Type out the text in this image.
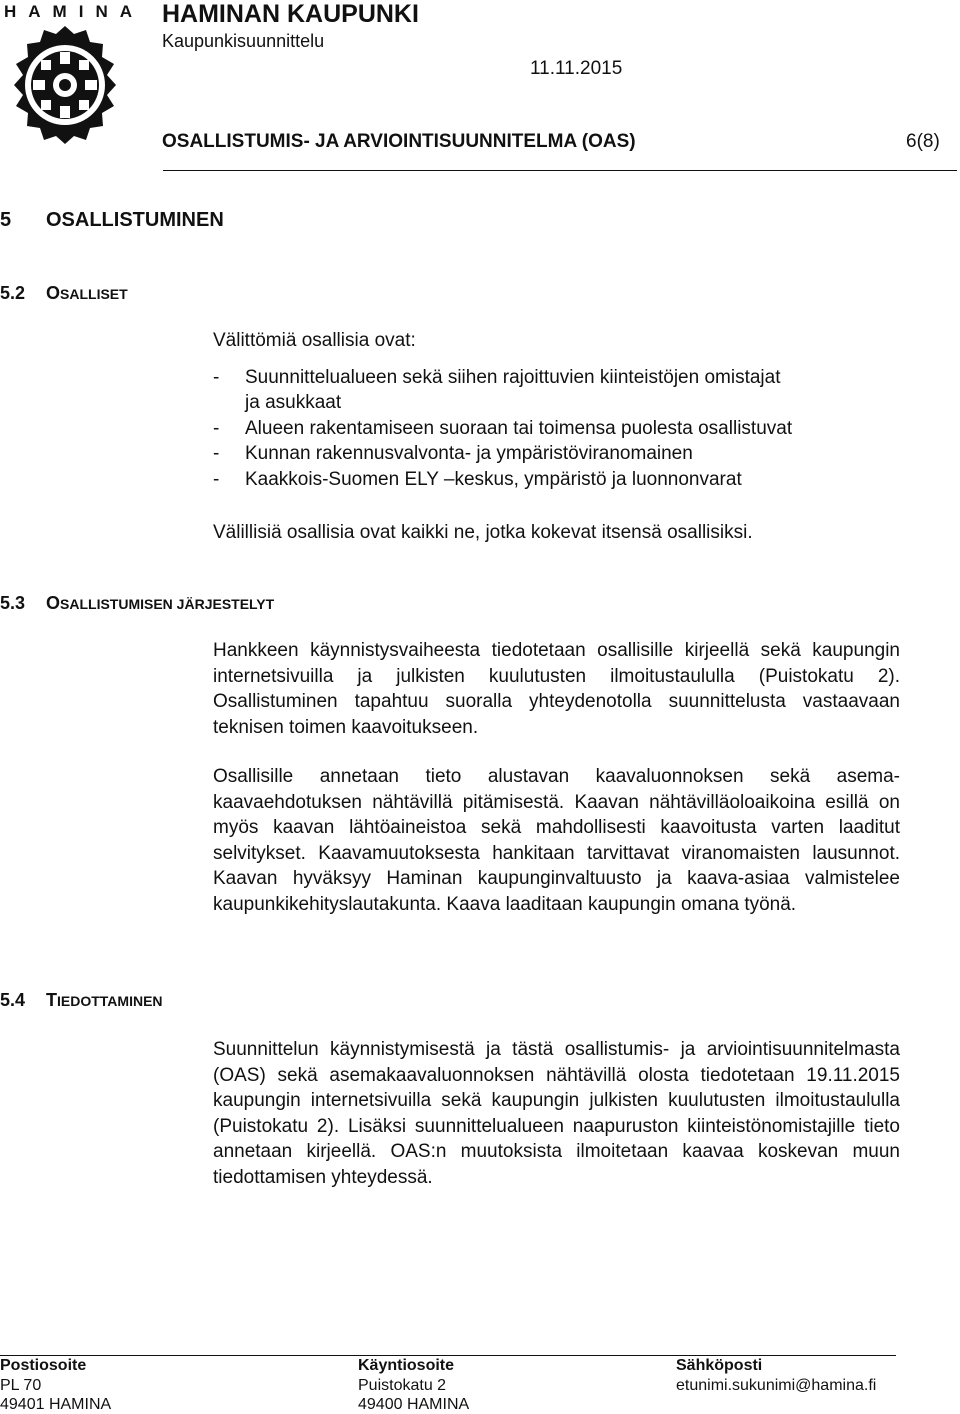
HAMINA HAMINAN KAUPUNKI
Kaupunkisuunnittelu
11.11.2015
OSALLISTUMIS- JA ARVIOINTISUUNNITELMA (OAS)	6(8)
5 OSALLISTUMINEN
5.2 OSALLISET
Välittömiä osallisia ovat:
- Suunnittelualueen sekä siihen rajoittuvien kiinteistöjen omistajat
ja asukkaat
- Alueen rakentamiseen suoraan tai toimensa puolesta osallistuvat
- Kunnan rakennusvalvonta- ja ympäristöviranomainen
- Kaakkois-Suomen ELY –keskus, ympäristö ja luonnonvarat
Välillisiä osallisia ovat kaikki ne, jotka kokevat itsensä osallisiksi.
5.3 OSALLISTUMISEN JÄRJESTELYT
Hankkeen käynnistysvaiheesta tiedotetaan osallisille kirjeellä sekä kaupungin internetsivuilla ja julkisten kuulutusten ilmoitustaululla (Puistokatu 2). Osallistuminen tapahtuu suoralla yhteydenotolla suunnittelusta vastaavaan teknisen toimen kaavoitukseen.
Osallisille annetaan tieto alustavan kaavaluonnoksen sekä asemakaavaehdotuksen nähtävillä pitämisestä. Kaavan nähtävilläoloaikoina esillä on myös kaavan lähtöaineistoa sekä mahdollisesti kaavoitusta varten laaditut selvitykset. Kaavamuutoksesta hankitaan tarvittavat viranomaisten lausunnot. Kaavan hyväksyy Haminan kaupunginvaltuusto ja kaava-asiaa valmistelee kaupunkikehityslautakunta. Kaava laaditaan kaupungin omana työnä.
5.4 TIEDOTTAMINEN
Suunnittelun käynnistymisestä ja tästä osallistumis- ja arviointisuunnitelmasta (OAS) sekä asemakaavaluonnoksen nähtävillä olosta tiedotetaan 19.11.2015 kaupungin internetsivuilla sekä kaupungin julkisten kuulutusten ilmoitustaululla (Puistokatu 2). Lisäksi suunnittelualueen naapuruston kiinteistönomistajille tieto annetaan kirjeellä. OAS:n muutoksista ilmoitetaan kaavaa koskevan muun tiedottamisen yhteydessä.
Postiosoite
PL 70
49401 HAMINA
Käyntiosoite
Puistokatu 2
49400 HAMINA
Sähköposti
etunimi.sukunimi@hamina.fi
